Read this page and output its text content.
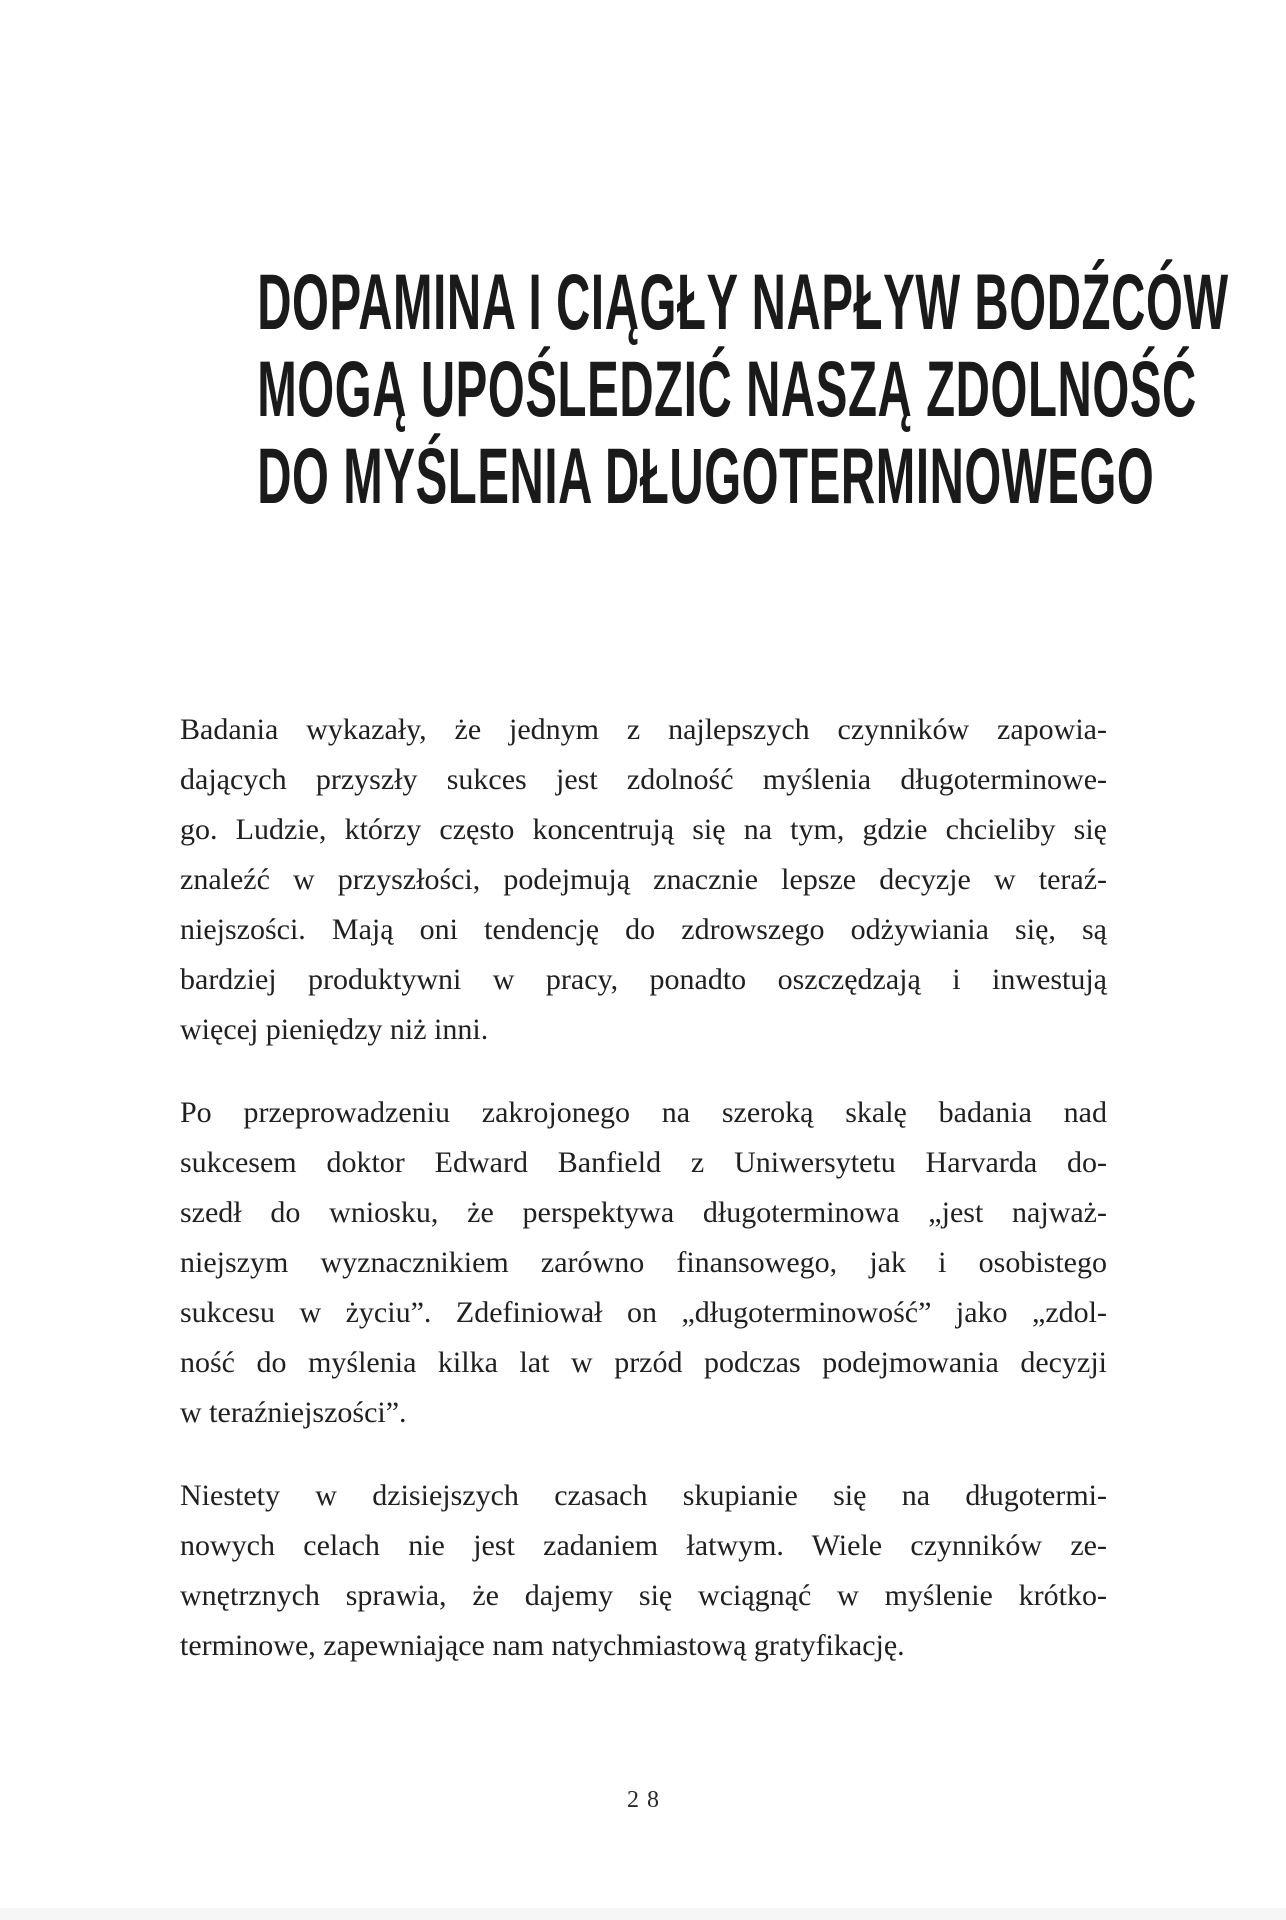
DOPAMINA I CIĄGŁY NAPŁYW BODŹCÓW
MOGĄ UPOŚLEDZIĆ NASZĄ ZDOLNOŚĆ
DO MYŚLENIA DŁUGOTERMINOWEGO

Badania wykazały, że jednym z najlepszych czynników zapowia-
dających przyszły sukces jest zdolność myślenia długoterminowe-
go. Ludzie, którzy często koncentrują się na tym, gdzie chcieliby się
znaleźć w przyszłości, podejmują znacznie lepsze decyzje w teraź-
niejszości. Mają oni tendencję do zdrowszego odżywiania się, są
bardziej produktywni w pracy, ponadto oszczędzają i inwestują
więcej pieniędzy niż inni.

Po przeprowadzeniu zakrojonego na szeroką skalę badania nad
sukcesem doktor Edward Banfield z Uniwersytetu Harvarda do-
szedł do wniosku, że perspektywa długoterminowa „jest najważ-
niejszym wyznacznikiem zarówno finansowego, jak i osobistego
sukcesu w życiu”. Zdefiniował on „długoterminowość” jako „zdol-
ność do myślenia kilka lat w przód podczas podejmowania decyzji
w teraźniejszości”.

Niestety w dzisiejszych czasach skupianie się na długotermi-
nowych celach nie jest zadaniem łatwym. Wiele czynników ze-
wnętrznych sprawia, że dajemy się wciągnąć w myślenie krótko-
terminowe, zapewniające nam natychmiastową gratyfikację.

28
